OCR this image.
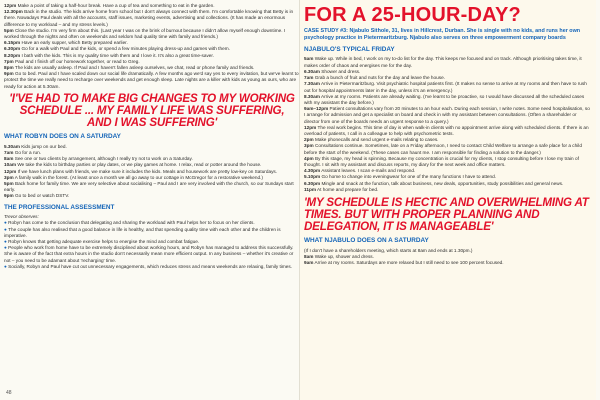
12pm Make a point of taking a half-hour break. Have a cup of tea and something to eat in the garden.

12.30pm Back in the studio. The kids arrive home from school but I don't always connect with them. I'm comfortable knowing that Betty is in there. Nowadays Paul deals with all the accounts, staff issues, marketing events, advertising and collections. (It has made an enormous difference to my workload – and my stress levels.)

5pm Close the studio. I'm very firm about this. (Last year I was on the brink of burnout because I didn't allow myself enough downtime. I worked through the nights and often on weekends and seldom had quality time with family and friends.)

6.15pm Have an early supper, which Betty prepared earlier.

6.30pm Go for a walk with Paul and the kids, or spend a few minutes playing dress-up and games with them.

8.20pm I bath with the kids. This is my quality time with them and I love it. It's also a great time-saver.

7pm Paul and I finish off our homework together, or read to Greg.

8pm The kids are usually asleep. If Paul and I haven't fallen asleep ourselves, we chat, read or phone family and friends.

9pm Go to bed. Paul and I have scaled down our social life dramatically. A few months ago we'd say yes to every invitation, but we've learnt to protect the time we really need to recharge over weekends and get enough sleep. Late nights are a killer with kids as young as ours, who are ready for action at 5.30am.

'I'VE HAD TO MAKE BIG CHANGES TO MY WORKING SCHEDULE ... MY FAMILY LIFE WAS SUFFERING, AND I WAS SUFFERING'
WHAT ROBYN DOES ON A SATURDAY

5.30am Kids jump on our bed.

7am Go for a run.

8am See one or two clients by arrangement, although I really try not to work on a Saturday.

10am We take the kids to birthday parties or play dates, or we play games at home. I relax, read or potter around the house.

12pm If we have lunch plans with friends, we make sure it includes the kids. Meals and housework are pretty low-key on Saturdays.

3pm A family walk in the forest. (At least once a month we all go away to our cottage in McGregor for a restorative weekend.)

5pm Back home for family time. We are very selective about socialising – Paul and I are very involved with the church, so our Sundays start early.

9pm Go to bed or watch DSTV.

THE PROFESSIONAL ASSESSMENT

Trevor observes:

● Robyn has come to the conclusion that delegating and sharing the workload with Paul helps her to focus on her clients.

● The couple has also realised that a good balance in life is healthy, and that spending quality time with each other and the children is imperative.

● Robyn knows that getting adequate exercise helps to energise the mind and combat fatigue.

● People who work from home have to be extremely disciplined about working hours, and Robyn has managed to address this successfully. She is aware of the fact that extra hours in the studio don't necessarily mean more efficient output. In any business – whether it's creative or not – you need to be adamant about 'recharging' time.

● Socially, Robyn and Paul have cut out unnecessary engagements, which reduces stress and means weekends are relaxing, family times.

FOR A 25-HOUR-DAY?
CASE STUDY #3: Njabulo Sithole, 31, lives in Hillcrest, Durban. She is single with no kids, and runs her own psychology practice in Pietermaritzburg. Njabulo also serves on three empowerment company boards
NJABULO'S TYPICAL FRIDAY

5am Wake up. While in bed, I work on my to-do list for the day. This keeps me focused and on track. Although prioritising takes time, it makes order of chaos and energises me for the day.

6.30am Shower and dress.

7am Grab a bunch of fruit and nuts for the day and leave the house.

7.30am Arrive in Pietermaritzburg. Visit psychiatric hospital patients first. (It makes no sense to arrive at my rooms and then have to rush out for hospital appointments later in the day, unless it's an emergency.)

8.30am Arrive at my rooms. Patients are already waiting. (I've learnt to be proactive, so I would have discussed all the scheduled cases with my assistant the day before.)

9am–12pm Patient consultations vary from 20 minutes to an hour each. During each session, I write notes. Some need hospitalisation, so I arrange for admission and get a specialist on board and check in with my assistant between consultations. (Often a shareholder or director from one of the boards needs an urgent response to a query.)

12pm The real work begins. This time of day is when walk-in clients with no appointment arrive along with scheduled clients. If there is an overload of patients, I call in a colleague to help with psychometric tests.

2pm Make phonecalls and send urgent e-mails relating to cases.

3pm Consultations continue. Sometimes, late on a Friday afternoon, I need to contact Child Welfare to arrange a safe place for a child before the start of the weekend. (These cases can haunt me. I am responsible for finding a solution to the danger.)

4pm By this stage, my head is spinning. Because my concentration is crucial for my clients, I stop consulting before I lose my train of thought. I sit with my assistant and discuss reports, my diary for the next week and office matters.

4.30pm Assistant leaves. I scan e-mails and respond.

5.10pm Go home to change into eveningwear for one of the many functions I have to attend.

6.30pm Mingle and snack at the function, talk about business, new deals, opportunities, study possibilities and general news.

11pm At home and prepare for bed.

'MY SCHEDULE IS HECTIC AND OVERWHELMING AT TIMES. BUT WITH PROPER PLANNING AND DELEGATION, IT IS MANAGEABLE'
WHAT NJABULO DOES ON A SATURDAY

(If I don't have a shareholders meeting, which starts at 8am and ends at 1.30pm.)

8am Wake up, shower and dress.

9am Arrive at my rooms. Saturdays are more relaxed but I still need to see 100 percent focused.

48
